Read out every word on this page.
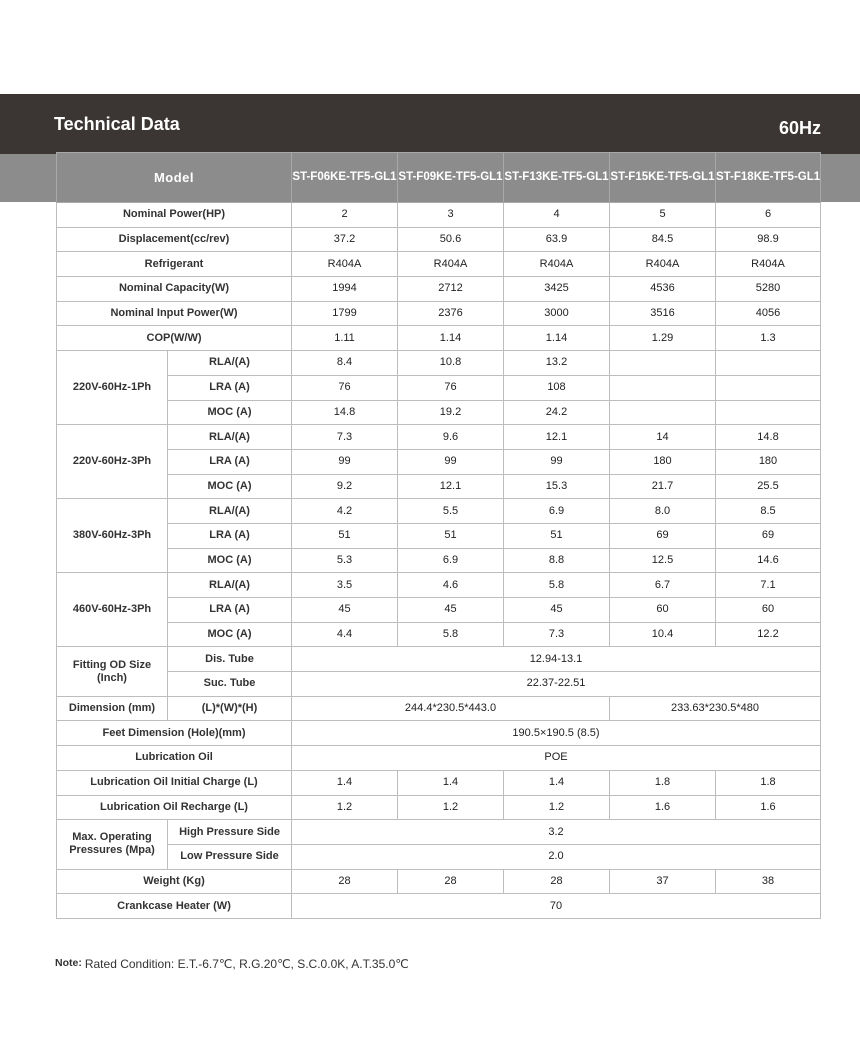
Technical Data	60Hz
Model		ST-F06KE-TF5-GL1	ST-F09KE-TF5-GL1	ST-F13KE-TF5-GL1	ST-F15KE-TF5-GL1	ST-F18KE-TF5-GL1
Nominal Power(HP)		2	3	4	5	6
Displacement(cc/rev)		37.2	50.6	63.9	84.5	98.9
Refrigerant		R404A	R404A	R404A	R404A	R404A
Nominal Capacity(W)		1994	2712	3425	4536	5280
Nominal Input Power(W)		1799	2376	3000	3516	4056
COP(W/W)		1.11	1.14	1.14	1.29	1.3
220V-60Hz-1Ph	RLA/(A)	8.4	10.8	13.2		
	LRA (A)	76	76	108		
	MOC (A)	14.8	19.2	24.2		
220V-60Hz-3Ph	RLA/(A)	7.3	9.6	12.1	14	14.8
	LRA (A)	99	99	99	180	180
	MOC (A)	9.2	12.1	15.3	21.7	25.5
380V-60Hz-3Ph	RLA/(A)	4.2	5.5	6.9	8.0	8.5
	LRA (A)	51	51	51	69	69
	MOC (A)	5.3	6.9	8.8	12.5	14.6
460V-60Hz-3Ph	RLA/(A)	3.5	4.6	5.8	6.7	7.1
	LRA (A)	45	45	45	60	60
	MOC (A)	4.4	5.8	7.3	10.4	12.2
Fitting OD Size (Inch)	Dis. Tube	12.94-13.1				
	Suc. Tube	22.37-22.51				
Dimension (mm)	(L)*(W)*(H)	244.4*230.5*443.0			233.63*230.5*480	
Feet Dimension (Hole)(mm)		190.5×190.5 (8.5)				
Lubrication Oil		POE				
Lubrication Oil Initial Charge (L)		1.4	1.4	1.4	1.8	1.8
Lubrication Oil Recharge (L)		1.2	1.2	1.2	1.6	1.6
Max. Operating Pressures (Mpa)	High Pressure Side	3.2				
	Low Pressure Side	2.0				
Weight (Kg)		28	28	28	37	38
Crankcase Heater (W)		70				
Note: Rated Condition: E.T.-6.7℃, R.G.20℃, S.C.0.0K, A.T.35.0℃
